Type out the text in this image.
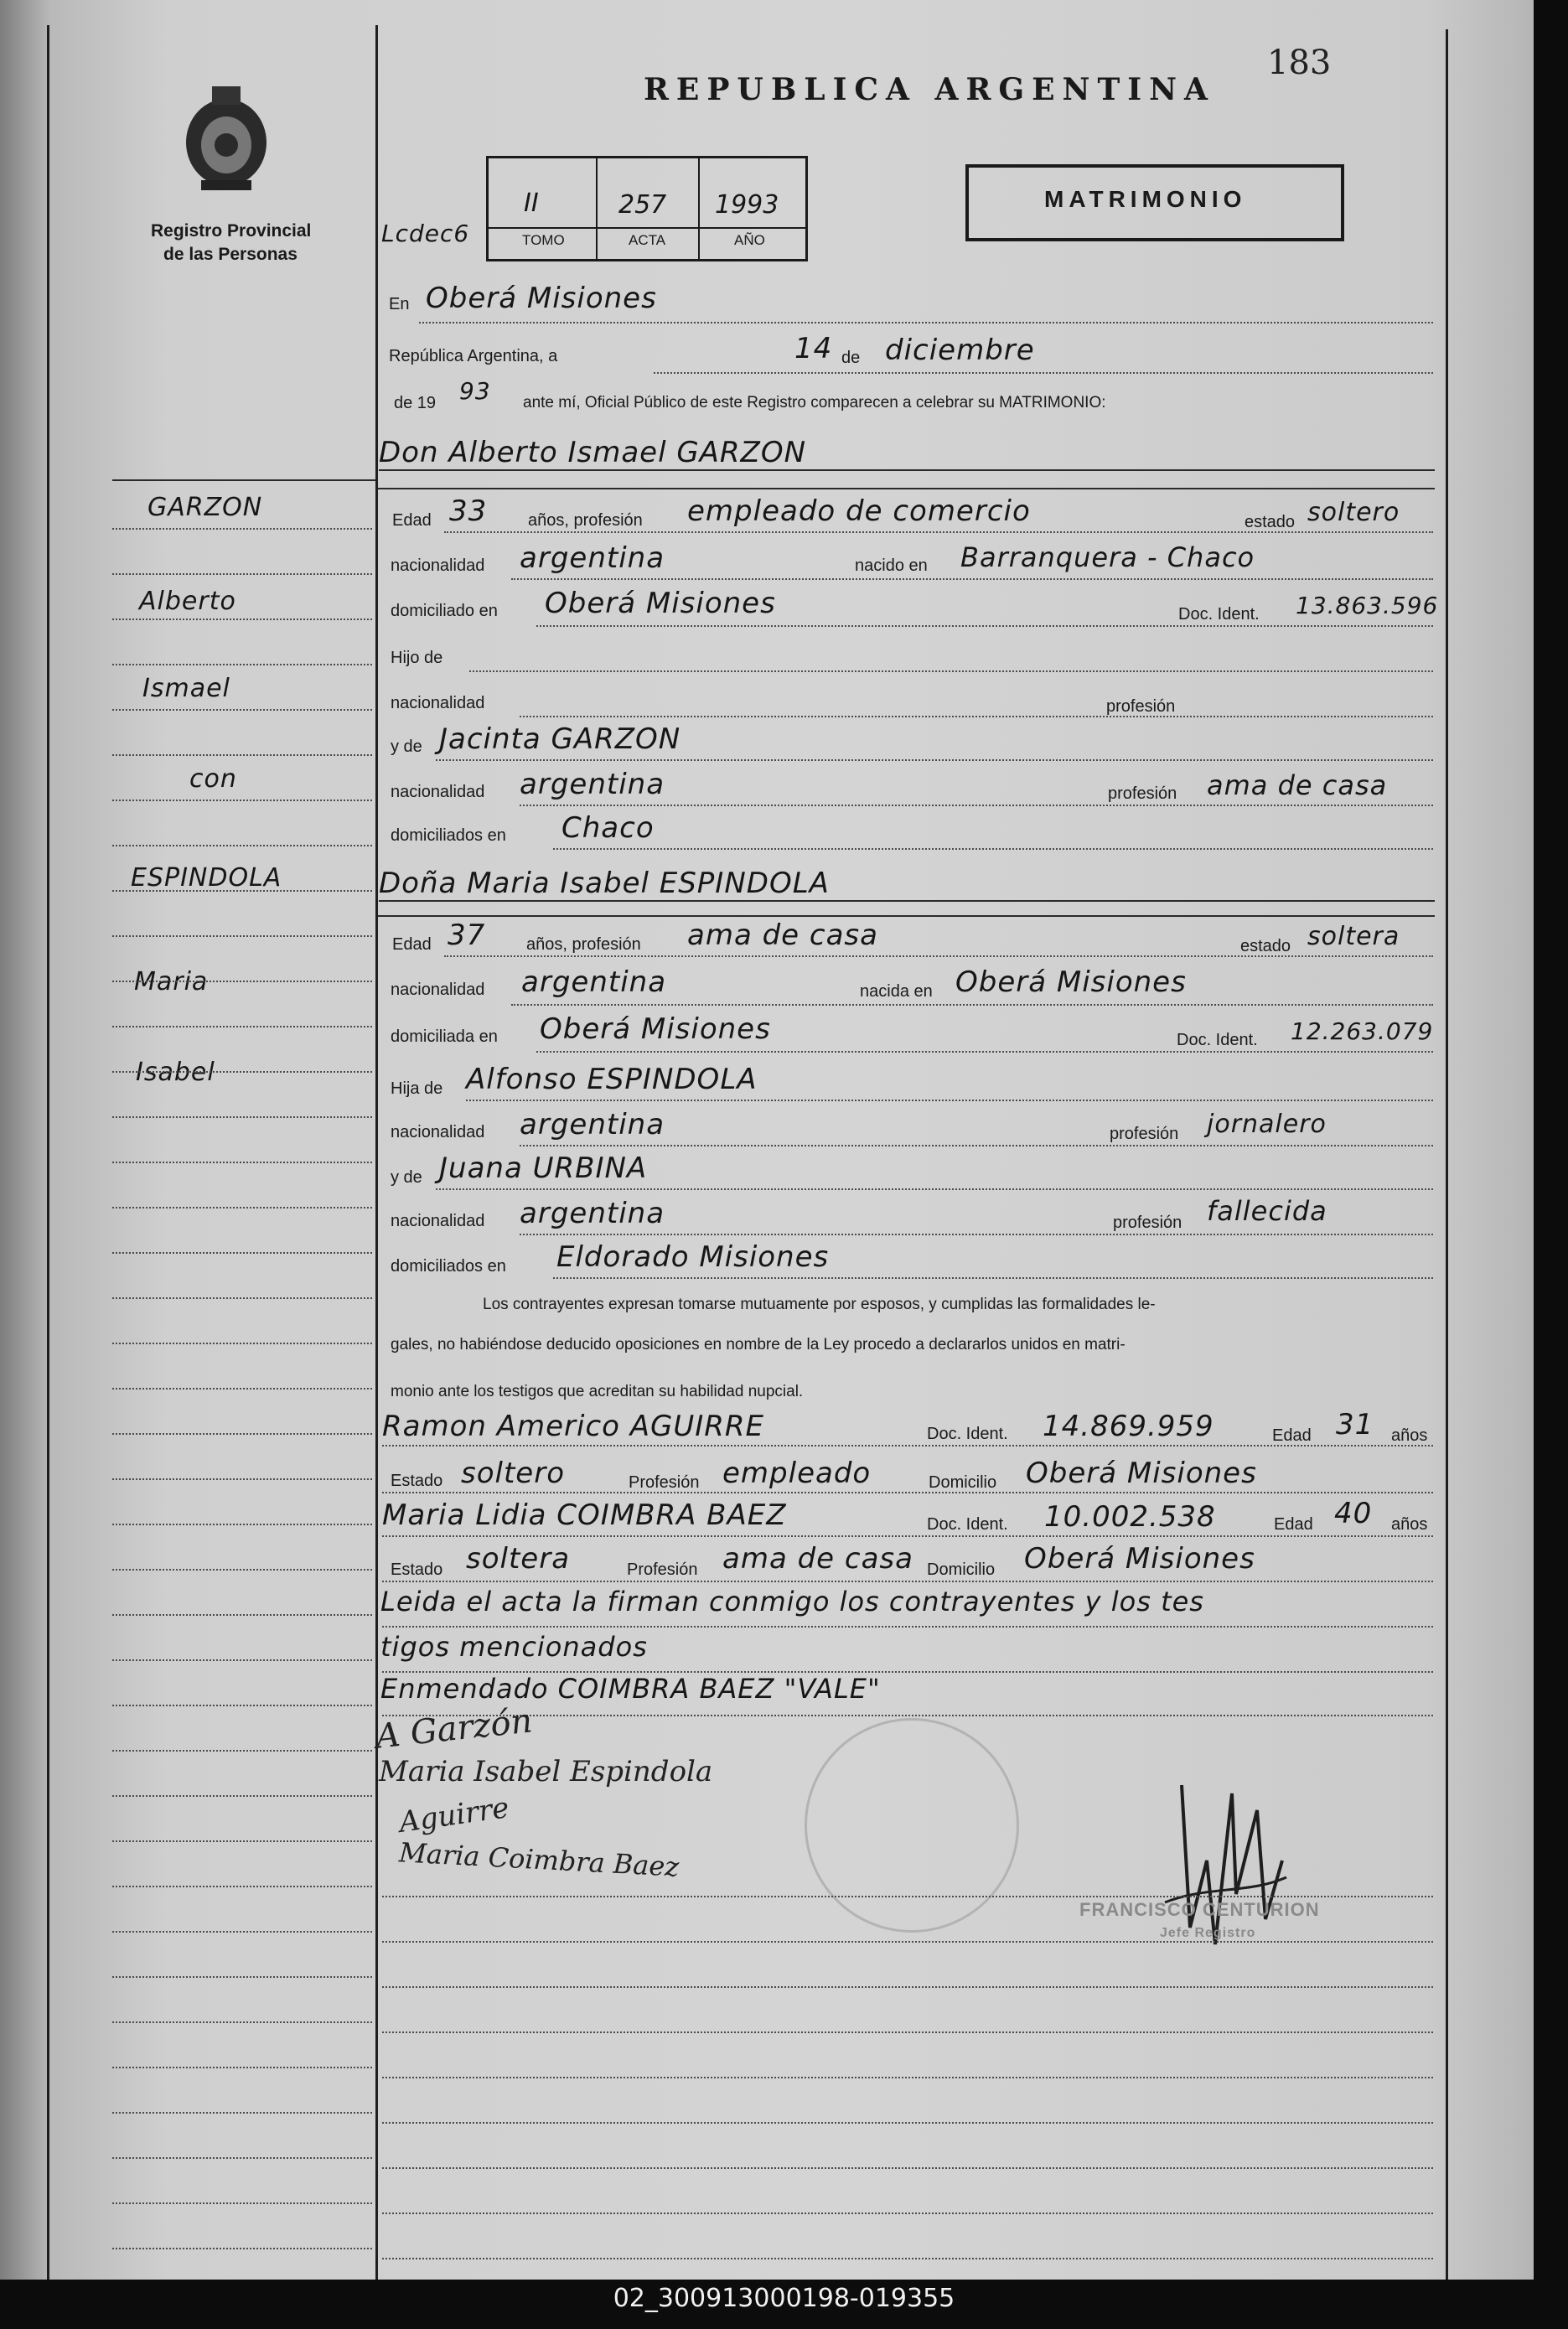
REPUBLICA ARGENTINA
183
Registro Provincial
de las Personas
Lcdec6
II	257 1993
TOMO	ACTA	AÑO
MATRIMONIO
En Oberá Misiones
República Argentina, a	14 de diciembre
de 19 93 ante mí, Oficial Público de este Registro comparecen a celebrar su MATRIMONIO:
Don Alberto Ismael GARZON
Edad 33 años, profesión empleado de comercio	estado soltero
nacionalidad argentina	nacido en Barranquera - Chaco
domiciliado en Oberá Misiones	Doc. Ident. 13.863.596
Hijo de
nacionalidad	profesión
y de Jacinta GARZON
nacionalidad argentina	profesión ama de casa
domiciliados en Chaco
Doña Maria Isabel ESPINDOLA
Edad 37 años, profesión ama de casa	estado soltera
nacionalidad argentina	nacida en Oberá Misiones
domiciliada en Oberá Misiones	Doc. Ident. 12.263.079
Hija de Alfonso ESPINDOLA
nacionalidad argentina	profesión jornalero
y de Juana URBINA
nacionalidad argentina	profesión fallecida
domiciliados en Eldorado Misiones
Los contrayentes expresan tomarse mutuamente por esposos, y cumplidas las formalidades le-
gales, no habiéndose deducido oposiciones en nombre de la Ley procedo a declararlos unidos en matri-
monio ante los testigos que acreditan su habilidad nupcial.
Ramon Americo AGUIRRE	Doc. Ident. 14.869.959	Edad 31 años
Estado soltero	Profesión empleado	Domicilio Oberá Misiones
Maria Lidia COIMBRA BAEZ	Doc. Ident. 10.002.538	Edad 40 años
Estado soltera	Profesión ama de casa Domicilio Oberá Misiones
Leida el acta la firman conmigo los contrayentes y los tes
tigos mencionados
Enmendado COIMBRA BAEZ "VALE"
A Garzón
Maria Isabel Espindola
Aguirre
Maria Coimbra Baez
FRANCISCO CENTURION
Jefe Registro
GARZON
Alberto
Ismael
con
ESPINDOLA
Maria
Isabel
02_300913000198-019355
